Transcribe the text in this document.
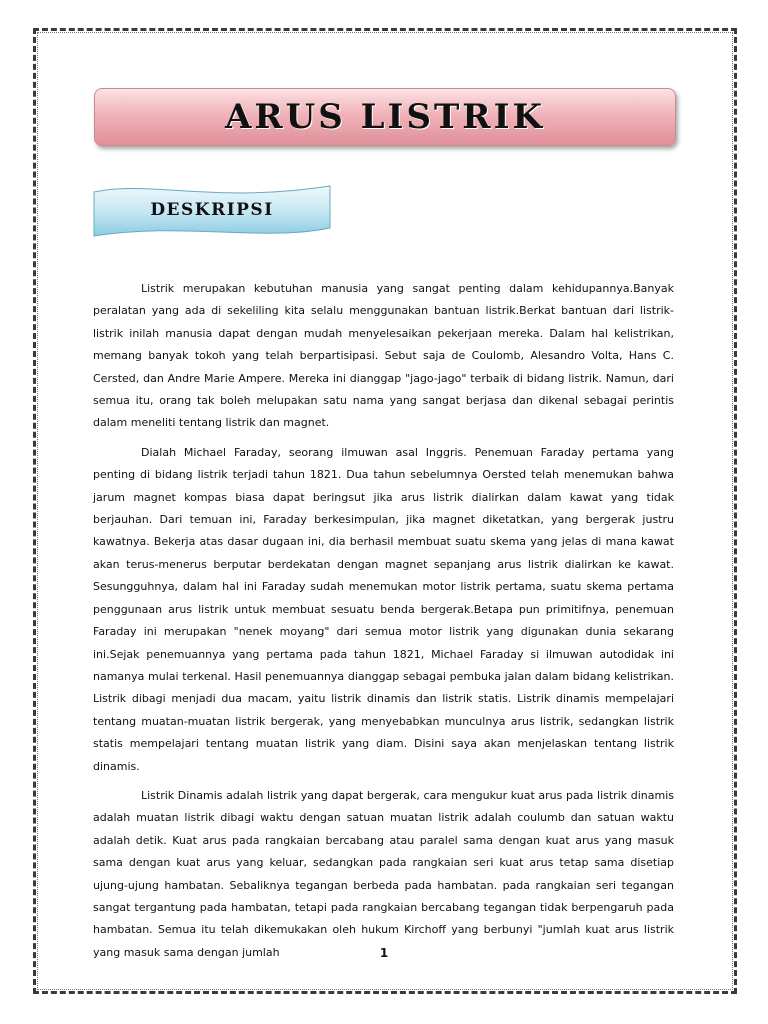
ARUS LISTRIK
DESKRIPSI

Listrik merupakan kebutuhan manusia yang sangat penting dalam kehidupannya.Banyak peralatan yang ada di sekeliling kita selalu menggunakan bantuan listrik.Berkat bantuan dari listrik-listrik inilah manusia dapat dengan mudah menyelesaikan pekerjaan mereka. Dalam hal kelistrikan, memang banyak tokoh yang telah berpartisipasi. Sebut saja de Coulomb, Alesandro Volta, Hans C. Cersted, dan Andre Marie Ampere. Mereka ini dianggap "jago-jago" terbaik di bidang listrik. Namun, dari semua itu, orang tak boleh melupakan satu nama yang sangat berjasa dan dikenal sebagai perintis dalam meneliti tentang listrik dan magnet.

Dialah Michael Faraday, seorang ilmuwan asal Inggris. Penemuan Faraday pertama yang penting di bidang listrik terjadi tahun 1821. Dua tahun sebelumnya Oersted telah menemukan bahwa jarum magnet kompas biasa dapat beringsut jika arus listrik dialirkan dalam kawat yang tidak berjauhan. Dari temuan ini, Faraday berkesimpulan, jika magnet diketatkan, yang bergerak justru kawatnya. Bekerja atas dasar dugaan ini, dia berhasil membuat suatu skema yang jelas di mana kawat akan terus-menerus berputar berdekatan dengan magnet sepanjang arus listrik dialirkan ke kawat. Sesungguhnya, dalam hal ini Faraday sudah menemukan motor listrik pertama, suatu skema pertama penggunaan arus listrik untuk membuat sesuatu benda bergerak.Betapa pun primitifnya, penemuan Faraday ini merupakan "nenek moyang" dari semua motor listrik yang digunakan dunia sekarang ini.Sejak penemuannya yang pertama pada tahun 1821, Michael Faraday si ilmuwan autodidak ini namanya mulai terkenal. Hasil penemuannya dianggap sebagai pembuka jalan dalam bidang kelistrikan. Listrik dibagi menjadi dua macam, yaitu listrik dinamis dan listrik statis. Listrik dinamis mempelajari tentang muatan-muatan listrik bergerak, yang menyebabkan munculnya arus listrik, sedangkan listrik statis mempelajari tentang muatan listrik yang diam. Disini saya akan menjelaskan tentang listrik dinamis.

Listrik Dinamis adalah listrik yang dapat bergerak, cara mengukur kuat arus pada listrik dinamis adalah muatan listrik dibagi waktu dengan satuan muatan listrik adalah coulumb dan satuan waktu adalah detik. Kuat arus pada rangkaian bercabang atau paralel sama dengan kuat arus yang masuk sama dengan kuat arus yang keluar, sedangkan pada rangkaian seri kuat arus tetap sama disetiap ujung-ujung hambatan. Sebaliknya tegangan berbeda pada hambatan. pada rangkaian seri tegangan sangat tergantung pada hambatan, tetapi pada rangkaian bercabang tegangan tidak berpengaruh pada hambatan. Semua itu telah dikemukakan oleh hukum Kirchoff yang berbunyi "jumlah kuat arus listrik yang masuk sama dengan jumlah	1
